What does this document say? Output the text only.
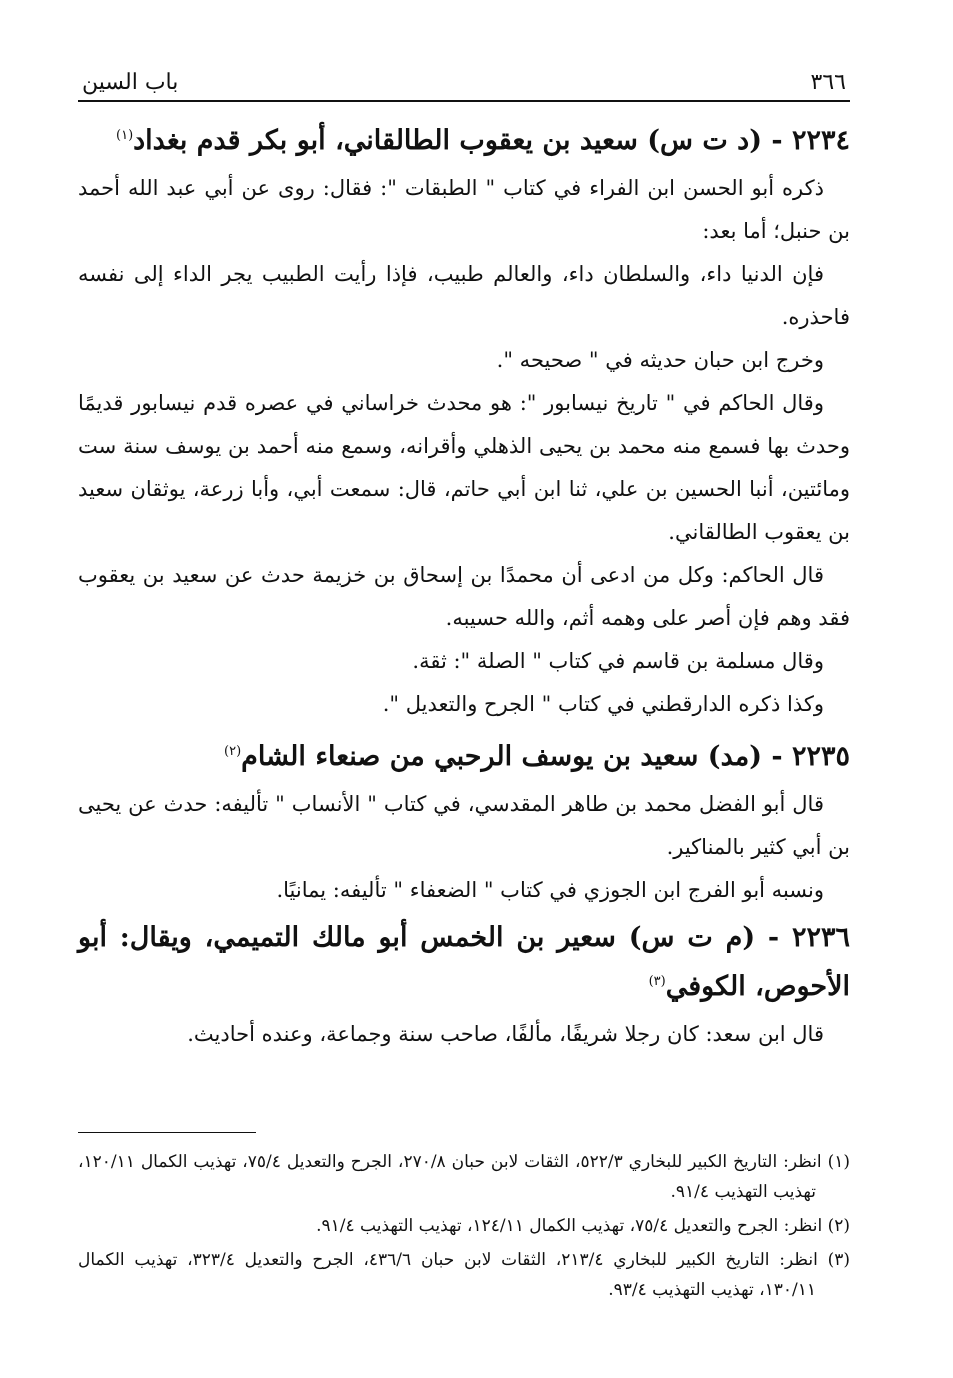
٣٦٦
باب السين
٢٢٣٤ - (د ت س) سعيد بن يعقوب الطالقاني، أبو بكر قدم بغداد$^{(١)}$

ذكره أبو الحسن ابن الفراء في كتاب " الطبقات ": فقال: روى عن أبي عبد الله أحمد بن حنبل؛ أما بعد:

فإن الدنيا داء، والسلطان داء، والعالم طبيب، فإذا رأيت الطبيب يجر الداء إلى نفسه فاحذره.

وخرج ابن حبان حديثه في " صحيحه ".

وقال الحاكم في " تاريخ نيسابور ": هو محدث خراساني في عصره قدم نيسابور قديمًا وحدث بها فسمع منه محمد بن يحيى الذهلي وأقرانه، وسمع منه أحمد بن يوسف سنة ست ومائتين، أنبا الحسين بن علي، ثنا ابن أبي حاتم، قال: سمعت أبي، وأبا زرعة، يوثقان سعيد بن يعقوب الطالقاني.

قال الحاكم: وكل من ادعى أن محمدًا بن إسحاق بن خزيمة حدث عن سعيد بن يعقوب فقد وهم فإن أصر على وهمه أثم، والله حسيبه.

وقال مسلمة بن قاسم في كتاب " الصلة ": ثقة.

وكذا ذكره الدارقطني في كتاب " الجرح والتعديل ".

٢٢٣٥ - (مد) سعيد بن يوسف الرحبي من صنعاء الشام$^{(٢)}$

قال أبو الفضل محمد بن طاهر المقدسي، في كتاب " الأنساب " تأليفه: حدث عن يحيى بن أبي كثير بالمناكير.

ونسبه أبو الفرج ابن الجوزي في كتاب " الضعفاء " تأليفه: يمانيًا.

٢٢٣٦ - (م ت س) سعير بن الخمس أبو مالك التميمي، ويقال: أبو الأحوص، الكوفي$^{(٣)}$

قال ابن سعد: كان رجلا شريفًا، مألفًا، صاحب سنة وجماعة، وعنده أحاديث.

(١) انظر: التاريخ الكبير للبخاري ٥٢٢/٣، الثقات لابن حبان ٢٧٠/٨، الجرح والتعديل ٧٥/٤، تهذيب الكمال ١٢٠/١١، تهذيب التهذيب ٩١/٤.

(٢) انظر: الجرح والتعديل ٧٥/٤، تهذيب الكمال ١٢٤/١١، تهذيب التهذيب ٩١/٤.

(٣) انظر: التاريخ الكبير للبخاري ٢١٣/٤، الثقات لابن حبان ٤٣٦/٦، الجرح والتعديل ٣٢٣/٤، تهذيب الكمال ١٣٠/١١، تهذيب التهذيب ٩٣/٤.
